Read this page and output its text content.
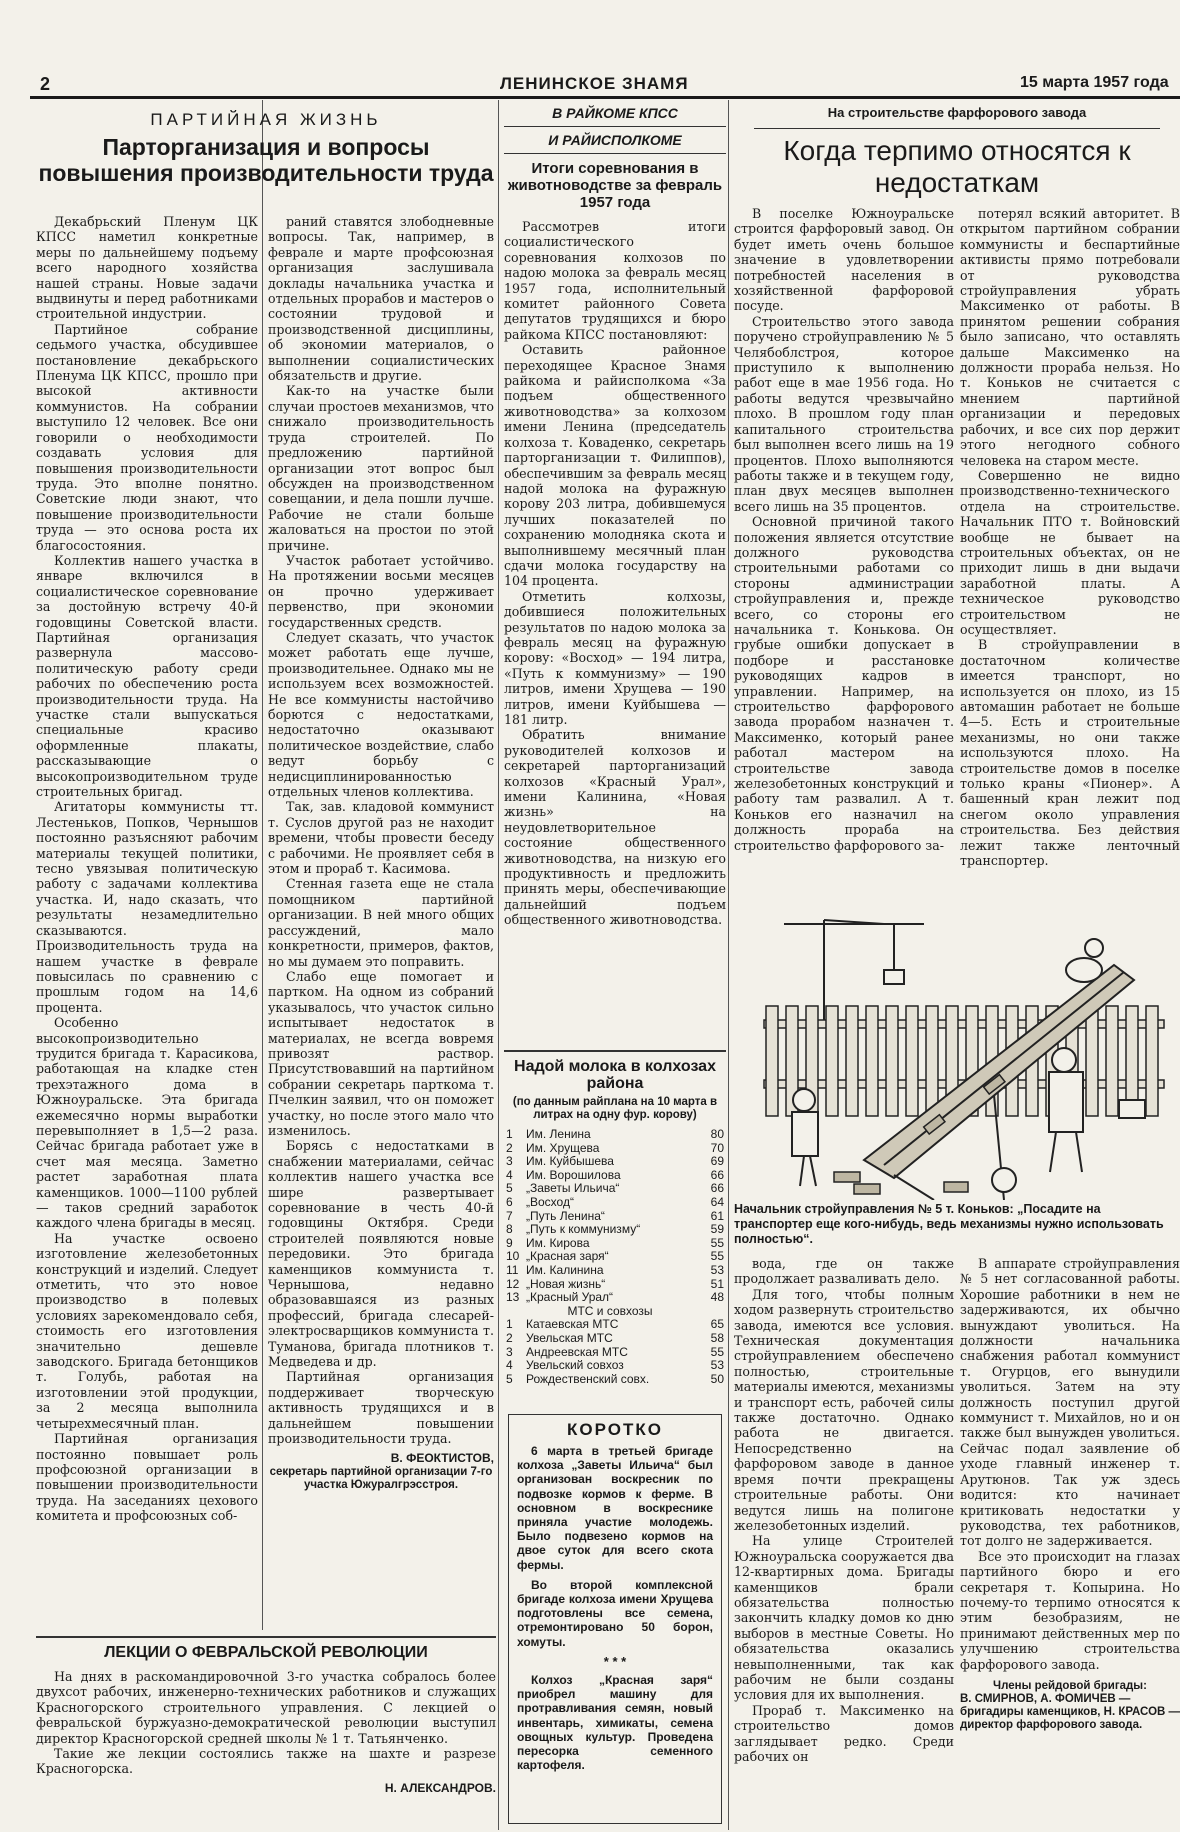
2	ЛЕНИНСКОЕ ЗНАМЯ	15 марта 1957 года
ПАРТИЙНАЯ ЖИЗНЬ
Парторганизация и вопросы повышения производительности труда

Декабрьский Пленум ЦК КПСС наметил конкретные меры по дальнейшему подъему всего народного хозяйства нашей страны. Новые задачи выдвинуты и перед работниками строительной индустрии.

Партийное собрание седьмого участка, обсудившее постановление декабрьского Пленума ЦК КПСС, прошло при высокой активности коммунистов. На собрании выступило 12 человек. Все они говорили о необходимости создавать условия для повышения производительности труда. Это вполне понятно. Советские люди знают, что повышение производительности труда — это основа роста их благосостояния.

Коллектив нашего участка в январе включился в социалистическое соревнование за достойную встречу 40-й годовщины Советской власти. Партийная организация развернула массово-политическую работу среди рабочих по обеспечению роста производительности труда. На участке стали выпускаться специальные красиво оформленные плакаты, рассказывающие о высокопроизводительном труде строительных бригад.

Агитаторы коммунисты тт. Лестеньков, Попков, Чернышов постоянно разъясняют рабочим материалы текущей политики, тесно увязывая политическую работу с задачами коллектива участка. И, надо сказать, что результаты незамедлительно сказываются. Производительность труда на нашем участке в феврале повысилась по сравнению с прошлым годом на 14,6 процента.

Особенно высокопроизводительно трудится бригада т. Карасикова, работающая на кладке стен трехэтажного дома в Южноуральске. Эта бригада ежемесячно нормы выработки перевыполняет в 1,5—2 раза. Сейчас бригада работает уже в счет мая месяца. Заметно растет заработная плата каменщиков. 1000—1100 рублей — таков средний заработок каждого члена бригады в месяц.

На участке освоено изготовление железобетонных конструкций и изделий. Следует отметить, что это новое производство в полевых условиях зарекомендовало себя, стоимость его изготовления значительно дешевле заводского. Бригада бетонщиков т. Голубь, работая на изготовлении этой продукции, за 2 месяца выполнила четырехмесячный план.

Партийная организация постоянно повышает роль профсоюзной организации в повышении производительности труда. На заседаниях цехового комитета и профсоюзных соб-

раний ставятся злободневные вопросы. Так, например, в феврале и марте профсоюзная организация заслушивала доклады начальника участка и отдельных прорабов и мастеров о состоянии трудовой и производственной дисциплины, об экономии материалов, о выполнении социалистических обязательств и другие.

Как-то на участке были случаи простоев механизмов, что снижало производительность труда строителей. По предложению партийной организации этот вопрос был обсужден на производственном совещании, и дела пошли лучше. Рабочие не стали больше жаловаться на простои по этой причине.

Участок работает устойчиво. На протяжении восьми месяцев он прочно удерживает первенство, при экономии государственных средств.

Следует сказать, что участок может работать еще лучше, производительнее. Однако мы не используем всех возможностей. Не все коммунисты настойчиво борются с недостатками, недостаточно оказывают политическое воздействие, слабо ведут борьбу с недисциплинированностью отдельных членов коллектива.

Так, зав. кладовой коммунист т. Суслов другой раз не находит времени, чтобы провести беседу с рабочими. Не проявляет себя в этом и прораб т. Касимова.

Стенная газета еще не стала помощником партийной организации. В ней много общих рассуждений, мало конкретности, примеров, фактов, но мы думаем это поправить.

Слабо еще помогает и партком. На одном из собраний указывалось, что участок сильно испытывает недостаток в материалах, не всегда вовремя привозят раствор. Присутствовавший на партийном собрании секретарь парткома т. Пчелкин заявил, что он поможет участку, но после этого мало что изменилось.

Борясь с недостатками в снабжении материалами, сейчас коллектив нашего участка все шире развертывает соревнование в честь 40-й годовщины Октября. Среди строителей появляются новые передовики. Это бригада каменщиков коммуниста т. Чернышова, недавно образовавшаяся из разных профессий, бригада слесарей-электросварщиков коммуниста т. Туманова, бригада плотников т. Медведева и др.

Партийная организация поддерживает творческую активность трудящихся и в дальнейшем повышении производительности труда.

В. ФЕОКТИСТОВ,
секретарь партийной организации 7-го участка Южуралгрэсстроя.
ЛЕКЦИИ О ФЕВРАЛЬСКОЙ РЕВОЛЮЦИИ

На днях в раскомандировочной 3-го участка собралось более двухсот рабочих, инженерно-технических работников и служащих Красногорского строительного управления. С лекцией о февральской буржуазно-демократической революции выступил директор Красногорской средней школы № 1 т. Татьянченко.

Такие же лекции состоялись также на шахте и разрезе Красногорска.

Н. АЛЕКСАНДРОВ.
В РАЙКОМЕ КПСС
И РАЙИСПОЛКОМЕ
Итоги соревнования в животноводстве за февраль 1957 года

Рассмотрев итоги социалистического соревнования колхозов по надою молока за февраль месяц 1957 года, исполнительный комитет районного Совета депутатов трудящихся и бюро райкома КПСС постановляют:

Оставить районное переходящее Красное Знамя райкома и райисполкома «За подъем общественного животноводства» за колхозом имени Ленина (председатель колхоза т. Коваденко, секретарь парторганизации т. Филиппов), обеспечившим за февраль месяц надой молока на фуражную корову 203 литра, добившемуся лучших показателей по сохранению молодняка скота и выполнившему месячный план сдачи молока государству на 104 процента.

Отметить колхозы, добившиеся положительных результатов по надою молока за февраль месяц на фуражную корову: «Восход» — 194 литра, «Путь к коммунизму» — 190 литров, имени Хрущева — 190 литров, имени Куйбышева — 181 литр.

Обратить внимание руководителей колхозов и секретарей парторганизаций колхозов «Красный Урал», имени Калинина, «Новая жизнь» на неудовлетворительное состояние общественного животноводства, на низкую его продуктивность и предложить принять меры, обеспечивающие дальнейший подъем общественного животноводства.

Надой молока в колхозах района
(по данным райплана на 10 марта в литрах на одну фур. корову)
1	Им. Ленина	80
2	Им. Хрущева	70
3	Им. Куйбышева	69
4	Им. Ворошилова	66
5	„Заветы Ильича“	66
6	„Восход“	64
7	„Путь Ленина“	61
8	„Путь к коммунизму“	59
9	Им. Кирова	55
10	„Красная заря“	55
11	Им. Калинина	53
12	„Новая жизнь“	51
13	„Красный Урал“	48
	МТС и совхозы	
1	Катаевская МТС	65
2	Увельская МТС	58
3	Андреевская МТС	55
4	Увельский совхоз	53
5	Рождественский совх.	50
КОРОТКО

6 марта в третьей бригаде колхоза „Заветы Ильича“ был организован воскресник по подвозке кормов к ферме. В основном в воскреснике приняла участие молодежь. Было подвезено кормов на двое суток для всего скота фермы.

Во второй комплексной бригаде колхоза имени Хрущева подготовлены все семена, отремонтировано 50 борон, хомуты.

* * *

Колхоз „Красная заря“ приобрел машину для протравливания семян, новый инвентарь, химикаты, семена овощных культур. Проведена пересорка семенного картофеля.

На строительстве фарфорового завода
Когда терпимо относятся к недостаткам

В поселке Южноуральске строится фарфоровый завод. Он будет иметь очень большое значение в удовлетворении потребностей населения в хозяйственной фарфоровой посуде.

Строительство этого завода поручено стройуправлению № 5 Челябоблстроя, которое приступило к выполнению работ еще в мае 1956 года. Но работы ведутся чрезвычайно плохо. В прошлом году план капитального строительства был выполнен всего лишь на 19 процентов. Плохо выполняются работы также и в текущем году, план двух месяцев выполнен всего лишь на 35 процентов.

Основной причиной такого положения является отсутствие должного руководства строительными работами со стороны администрации стройуправления и, прежде всего, со стороны его начальника т. Конькова. Он грубые ошибки допускает в подборе и расстановке руководящих кадров в управлении. Например, на строительство фарфорового завода прорабом назначен т. Максименко, который ранее работал мастером на строительстве завода железобетонных конструкций и работу там развалил. А т. Коньков его назначил на должность прораба на строительство фарфорового за-

потерял всякий авторитет. В открытом партийном собрании коммунисты и беспартийные активисты прямо потребовали от руководства стройуправления убрать Максименко от работы. В принятом решении собрания было записано, что оставлять дальше Максименко на должности прораба нельзя. Но т. Коньков не считается с мнением партийной организации и передовых рабочих, и все сих пор держит этого негодного собного человека на старом месте.

Совершенно не видно производственно-технического отдела на строительстве. Начальник ПТО т. Войновский вообще не бывает на строительных объектах, он не приходит лишь в дни выдачи заработной платы. А техническое руководство строительством не осуществляет.

В стройуправлении в достаточном количестве имеется транспорт, но используется он плохо, из 15 автомашин работает не больше 4—5. Есть и строительные механизмы, но они также используются плохо. На строительстве домов в поселке только краны «Пионер». А башенный кран лежит под снегом около управления строительства. Без действия лежит также ленточный транспортер.

Начальник стройуправления № 5 т. Коньков: „Посадите на транспортер еще кого-нибудь, ведь механизмы нужно использовать полностью“.

вода, где он также продолжает разваливать дело.

Для того, чтобы полным ходом развернуть строительство завода, имеются все условия. Техническая документация стройуправлением обеспечено полностью, строительные материалы имеются, механизмы и транспорт есть, рабочей силы также достаточно. Однако работа не двигается. Непосредственно на фарфоровом заводе в данное время почти прекращены строительные работы. Они ведутся лишь на полигоне железобетонных изделий.

На улице Строителей Южноуральска сооружается два 12-квартирных дома. Бригады каменщиков брали обязательства полностью закончить кладку домов ко дню выборов в местные Советы. Но обязательства оказались невыполненными, так как рабочим не были созданы условия для их выполнения.

Прораб т. Максименко на строительство домов заглядывает редко. Среди рабочих он

В аппарате стройуправления № 5 нет согласованной работы. Хорошие работники в нем не задерживаются, их обычно вынуждают уволиться. На должности начальника снабжения работал коммунист т. Огурцов, его вынудили уволиться. Затем на эту должность поступил другой коммунист т. Михайлов, но и он также был вынужден уволиться. Сейчас подал заявление об уходе главный инженер т. Арутюнов. Так уж здесь водится: кто начинает критиковать недостатки у руководства, тех работников, тот долго не задерживается.

Все это происходит на глазах партийного бюро и его секретаря т. Копырина. Но почему-то терпимо относятся к этим безобразиям, не принимают действенных мер по улучшению строительства фарфорового завода.

Члены рейдовой бригады:
В. СМИРНОВ, А. ФОМИЧЕВ — бригадиры каменщиков, Н. КРАСОВ — директор фарфорового завода.
